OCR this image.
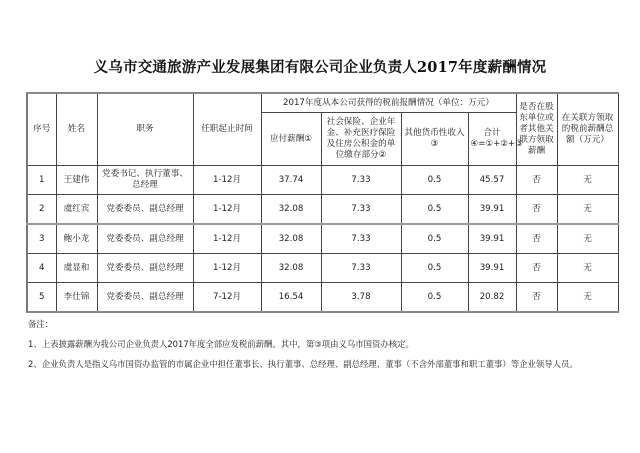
义乌市交通旅游产业发展集团有限公司企业负责人2017年度薪酬情况
序号	姓名	职务	任职起止时间	2017年度从本公司获得的税前报酬情况（单位：万元）				是否在股东单位或者其他关联方领取薪酬	在关联方领取的税前薪酬总额（万元）
				应付薪酬①	社会保险、企业年金、补充医疗保险及住房公积金的单位缴存部分②	其他货币性收入③	合计 ④=①+②+③		
1	王建伟	党委书记、执行董事、总经理	1-12月	37.74	7.33	0.5	45.57	否	无
2	虞红宾	党委委员、副总经理	1-12月	32.08	7.33	0.5	39.91	否	无
3	鲍小龙	党委委员、副总经理	1-12月	32.08	7.33	0.5	39.91	否	无
4	虞显和	党委委员、副总经理	1-12月	32.08	7.33	0.5	39.91	否	无
5	李仕锦	党委委员、副总经理	7-12月	16.54	3.78	0.5	20.82	否	无

备注：

1、上表披露薪酬为我公司企业负责人2017年度全部应发税前薪酬。其中，第③项由义乌市国资办核定。

2、企业负责人是指义乌市国资办监管的市属企业中担任董事长、执行董事、总经理、副总经理、董事（不含外部董事和职工董事）等企业领导人员。
